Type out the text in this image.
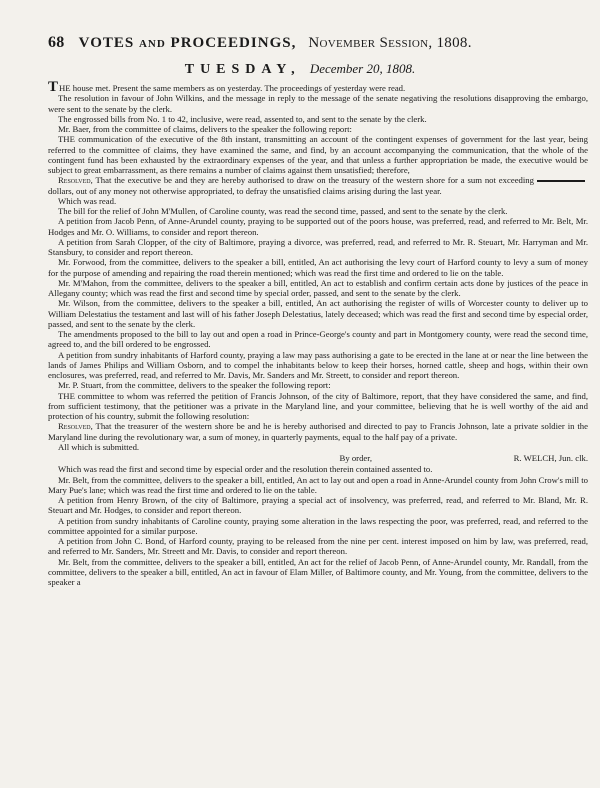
68 VOTES and PROCEEDINGS, November Session, 1808.
TUESDAY, December 20, 1808.

THE house met. Present the same members as on yesterday. The proceedings of yesterday were read.

The resolution in favour of John Wilkins, and the message in reply to the message of the senate negativing the resolutions disapproving the embargo, were sent to the senate by the clerk.

The engrossed bills from No. 1 to 42, inclusive, were read, assented to, and sent to the senate by the clerk.

Mr. Baer, from the committee of claims, delivers to the speaker the following report:

THE communication of the executive of the 8th instant, transmitting an account of the contingent expenses of government for the last year, being referred to the committee of claims, they have examined the same, and find, by an account accompanying the communication, that the whole of the contingent fund has been exhausted by the extraordinary expenses of the year, and that unless a further appropriation be made, the executive would be subject to great embarrassment, as there remains a number of claims against them unsatisfied; therefore,

Resolved, That the executive be and they are hereby authorised to draw on the treasury of the western shore for a sum not exceedingdollars, out of any money not otherwise appropriated, to defray the unsatisfied claims arising during the last year.

Which was read.

The bill for the relief of John M'Mullen, of Caroline county, was read the second time, passed, and sent to the senate by the clerk.

A petition from Jacob Penn, of Anne-Arundel county, praying to be supported out of the poors house, was preferred, read, and referred to Mr. Belt, Mr. Hodges and Mr. O. Williams, to consider and report thereon.

A petition from Sarah Clopper, of the city of Baltimore, praying a divorce, was preferred, read, and referred to Mr. R. Steuart, Mr. Harryman and Mr. Stansbury, to consider and report thereon.

Mr. Forwood, from the committee, delivers to the speaker a bill, entitled, An act authorising the levy court of Harford county to levy a sum of money for the purpose of amending and repairing the road therein mentioned; which was read the first time and ordered to lie on the table.

Mr. M'Mahon, from the committee, delivers to the speaker a bill, entitled, An act to establish and confirm certain acts done by justices of the peace in Allegany county; which was read the first and second time by special order, passed, and sent to the senate by the clerk.

Mr. Wilson, from the committee, delivers to the speaker a bill, entitled, An act authorising the register of wills of Worcester county to deliver up to William Delestatius the testament and last will of his father Joseph Delestatius, lately deceased; which was read the first and second time by especial order, passed, and sent to the senate by the clerk.

The amendments proposed to the bill to lay out and open a road in Prince-George's county and part in Montgomery county, were read the second time, agreed to, and the bill ordered to be engrossed.

A petition from sundry inhabitants of Harford county, praying a law may pass authorising a gate to be erected in the lane at or near the line between the lands of James Philips and William Osborn, and to compel the inhabitants below to keep their horses, horned cattle, sheep and hogs, within their own enclosures, was preferred, read, and referred to Mr. Davis, Mr. Sanders and Mr. Streett, to consider and report thereon.

Mr. P. Stuart, from the committee, delivers to the speaker the following report:

THE committee to whom was referred the petition of Francis Johnson, of the city of Baltimore, report, that they have considered the same, and find, from sufficient testimony, that the petitioner was a private in the Maryland line, and your committee, believing that he is well worthy of the aid and protection of his country, submit the following resolution:

Resolved, That the treasurer of the western shore be and he is hereby authorised and directed to pay to Francis Johnson, late a private soldier in the Maryland line during the revolutionary war, a sum of money, in quarterly payments, equal to the half pay of a private.

All which is submitted.

By order,	R. WELCH, Jun. clk.

Which was read the first and second time by especial order and the resolution therein contained assented to.

Mr. Belt, from the committee, delivers to the speaker a bill, entitled, An act to lay out and open a road in Anne-Arundel county from John Crow's mill to Mary Pue's lane; which was read the first time and ordered to lie on the table.

A petition from Henry Brown, of the city of Baltimore, praying a special act of insolvency, was preferred, read, and referred to Mr. Bland, Mr. R. Steuart and Mr. Hodges, to consider and report thereon.

A petition from sundry inhabitants of Caroline county, praying some alteration in the laws respecting the poor, was preferred, read, and referred to the committee appointed for a similar purpose.

A petition from John C. Bond, of Harford county, praying to be released from the nine per cent. interest imposed on him by law, was preferred, read, and referred to Mr. Sanders, Mr. Streett and Mr. Davis, to consider and report thereon.

Mr. Belt, from the committee, delivers to the speaker a bill, entitled, An act for the relief of Jacob Penn, of Anne-Arundel county, Mr. Randall, from the committee, delivers to the speaker a bill, entitled, An act in favour of Elam Miller, of Baltimore county, and Mr. Young, from the committee, delivers to the speaker a
